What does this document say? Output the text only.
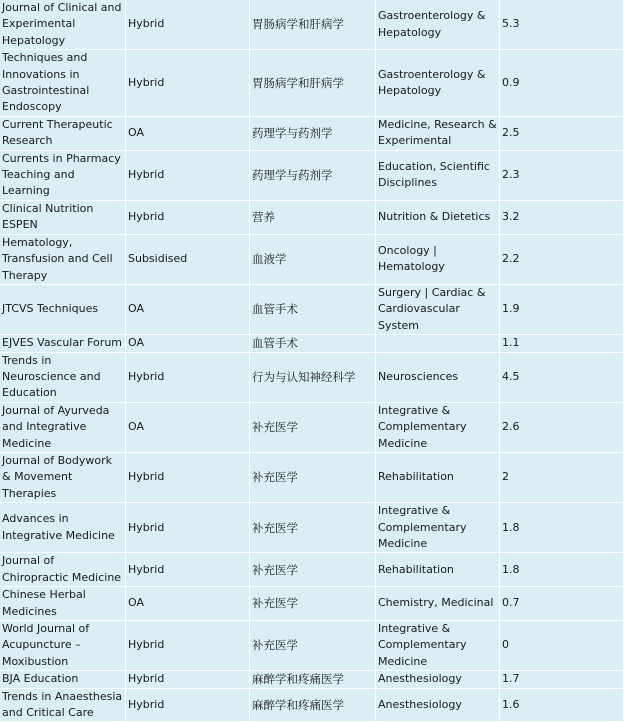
Journal of Clinical and Experimental Hepatology	Hybrid	胃肠病学和肝病学	Gastroenterology & Hepatology	5.3
Techniques and Innovations in Gastrointestinal Endoscopy	Hybrid	胃肠病学和肝病学	Gastroenterology & Hepatology	0.9
Current Therapeutic Research	OA	药理学与药剂学	Medicine, Research & Experimental	2.5
Currents in Pharmacy Teaching and Learning	Hybrid	药理学与药剂学	Education, Scientific Disciplines	2.3
Clinical Nutrition ESPEN	Hybrid	营养	Nutrition & Dietetics	3.2
Hematology, Transfusion and Cell Therapy	Subsidised	血液学	Oncology | Hematology	2.2
JTCVS Techniques	OA	血管手术	Surgery | Cardiac & Cardiovascular System	1.9
EJVES Vascular Forum	OA	血管手术		1.1
Trends in Neuroscience and Education	Hybrid	行为与认知神经科学	Neurosciences	4.5
Journal of Ayurveda and Integrative Medicine	OA	补充医学	Integrative & Complementary Medicine	2.6
Journal of Bodywork & Movement Therapies	Hybrid	补充医学	Rehabilitation	2
Advances in Integrative Medicine	Hybrid	补充医学	Integrative & Complementary Medicine	1.8
Journal of Chiropractic Medicine	Hybrid	补充医学	Rehabilitation	1.8
Chinese Herbal Medicines	OA	补充医学	Chemistry, Medicinal	0.7
World Journal of Acupuncture – Moxibustion	Hybrid	补充医学	Integrative & Complementary Medicine	0
BJA Education	Hybrid	麻醉学和疼痛医学	Anesthesiology	1.7
Trends in Anaesthesia and Critical Care	Hybrid	麻醉学和疼痛医学	Anesthesiology	1.6
